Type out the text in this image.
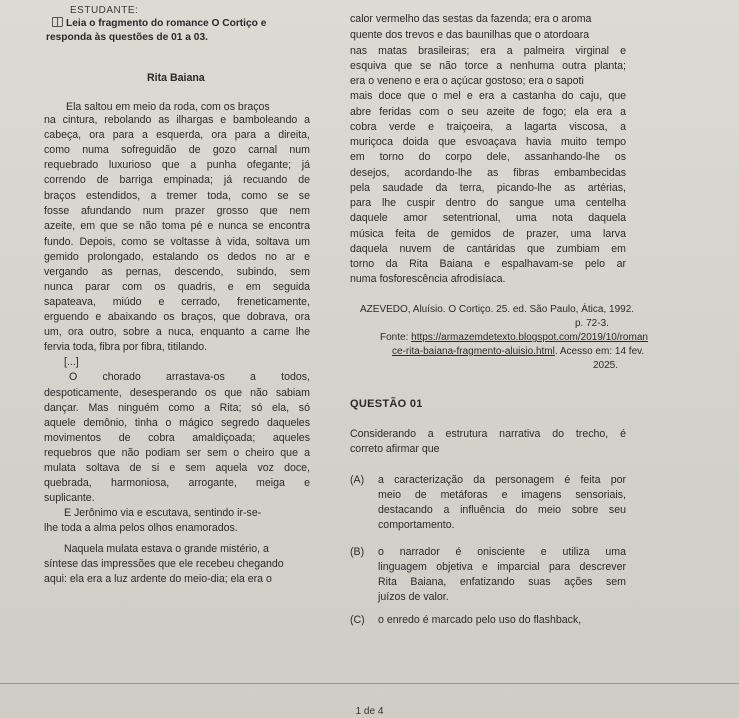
ESTUDANTE:
Leia o fragmento do romance O Cortiço e
responda às questões de 01 a 03.
Rita Baiana
Ela saltou em meio da roda, com os braços
na cintura, rebolando as ilhargas e bamboleando a
cabeça, ora para a esquerda, ora para a direita,
como numa sofreguidão de gozo carnal num
requebrado luxurioso que a punha ofegante; já
correndo de barriga empinada; já recuando de
braços estendidos, a tremer toda, como se se
fosse afundando num prazer grosso que nem
azeite, em que se não toma pé e nunca se encontra
fundo. Depois, como se voltasse à vida, soltava um
gemido prolongado, estalando os dedos no ar e
vergando as pernas, descendo, subindo, sem
nunca parar com os quadris, e em seguida
sapateava, miúdo e cerrado, freneticamente,
erguendo e abaixando os braços, que dobrava, ora
um, ora outro, sobre a nuca, enquanto a carne lhe
fervia toda, fibra por fibra, titilando.
[...]
O chorado arrastava-os a todos,
despoticamente, desesperando os que não sabiam
dançar. Mas ninguém como a Rita; só ela, só
aquele demônio, tinha o mágico segredo daqueles
movimentos de cobra amaldiçoada; aqueles
requebros que não podiam ser sem o cheiro que a
mulata soltava de si e sem aquela voz doce,
quebrada, harmoniosa, arrogante, meiga e
suplicante.
E Jerônimo via e escutava, sentindo ir-se-
lhe toda a alma pelos olhos enamorados.
Naquela mulata estava o grande mistério, a
síntese das impressões que ele recebeu chegando
aqui: ela era a luz ardente do meio-dia; ela era o
calor vermelho das sestas da fazenda; era o aroma
quente dos trevos e das baunilhas que o atordoara
nas matas brasileiras; era a palmeira virginal e
esquiva que se não torce a nenhuma outra planta;
era o veneno e era o açúcar gostoso; era o sapoti
mais doce que o mel e era a castanha do caju, que
abre feridas com o seu azeite de fogo; ela era a
cobra verde e traiçoeira, a lagarta viscosa, a
muriçoca doida que esvoaçava havia muito tempo
em torno do corpo dele, assanhando-lhe os
desejos, acordando-lhe as fibras embambecidas
pela saudade da terra, picando-lhe as artérias,
para lhe cuspir dentro do sangue uma centelha
daquele amor setentrional, uma nota daquela
música feita de gemidos de prazer, uma larva
daquela nuvem de cantáridas que zumbiam em
torno da Rita Baiana e espalhavam-se pelo ar
numa fosforescência afrodisíaca.
AZEVEDO, Aluísio. O Cortiço. 25. ed. São Paulo, Ática, 1992.
p. 72-3.
Fonte: https://armazemdetexto.blogspot.com/2019/10/roman
ce-rita-baiana-fragmento-aluisio.html. Acesso em: 14 fev.
2025.
QUESTÃO 01
Considerando a estrutura narrativa do trecho, é
correto afirmar que
(A) a caracterização da personagem é feita por
meio de metáforas e imagens sensoriais,
destacando a influência do meio sobre seu
comportamento.
(B) o narrador é onisciente e utiliza uma
linguagem objetiva e imparcial para descrever
Rita Baiana, enfatizando suas ações sem
juízos de valor.
(C) o enredo é marcado pelo uso do flashback,
1 de 4
